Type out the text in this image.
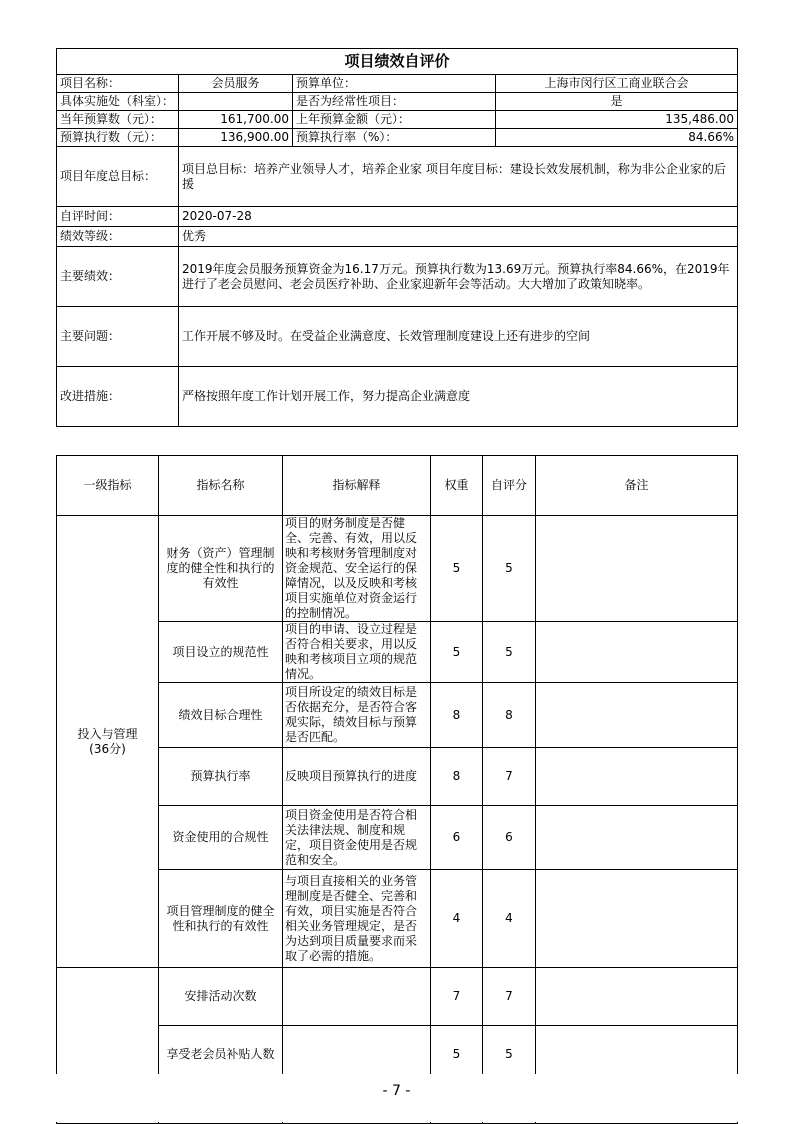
项目绩效自评价			
项目名称：	会员服务	预算单位：	上海市闵行区工商业联合会
具体实施处（科室）：		是否为经常性项目：	是
当年预算数（元）：	161,700.00	上年预算金额（元）：	135,486.00
预算执行数（元）：	136,900.00	预算执行率（%）：	84.66%
项目年度总目标：	项目总目标：培养产业领导人才，培养企业家 项目年度目标：建设长效发展机制，称为非公企业家的后援		
自评时间：	2020-07-28		
绩效等级：	优秀		
主要绩效：	2019年度会员服务预算资金为16.17万元。预算执行数为13.69万元。预算执行率84.66%，在2019年进行了老会员慰问、老会员医疗补助、企业家迎新年会等活动。大大增加了政策知晓率。		
主要问题：	工作开展不够及时。在受益企业满意度、长效管理制度建设上还有进步的空间		
改进措施：	严格按照年度工作计划开展工作，努力提高企业满意度		
一级指标	指标名称	指标解释	权重	自评分	备注
投入与管理
(36分)	财务（资产）管理制度的健全性和执行的有效性	项目的财务制度是否健全、完善、有效，用以反映和考核财务管理制度对资金规范、安全运行的保障情况，以及反映和考核项目实施单位对资金运行的控制情况。	5	5	
	项目设立的规范性	项目的申请、设立过程是否符合相关要求，用以反映和考核项目立项的规范情况。	5	5	
	绩效目标合理性	项目所设定的绩效目标是否依据充分，是否符合客观实际，绩效目标与预算是否匹配。	8	8	
	预算执行率	反映项目预算执行的进度	8	7	
	资金使用的合规性	项目资金使用是否符合相关法律法规、制度和规定，项目资金使用是否规范和安全。	6	6	
	项目管理制度的健全性和执行的有效性	与项目直接相关的业务管理制度是否健全、完善和有效，项目实施是否符合相关业务管理规定，是否为达到项目质量要求而采取了必需的措施。	4	4	
	安排活动次数		7	7	
	享受老会员补贴人数		5	5	

- 7 -
